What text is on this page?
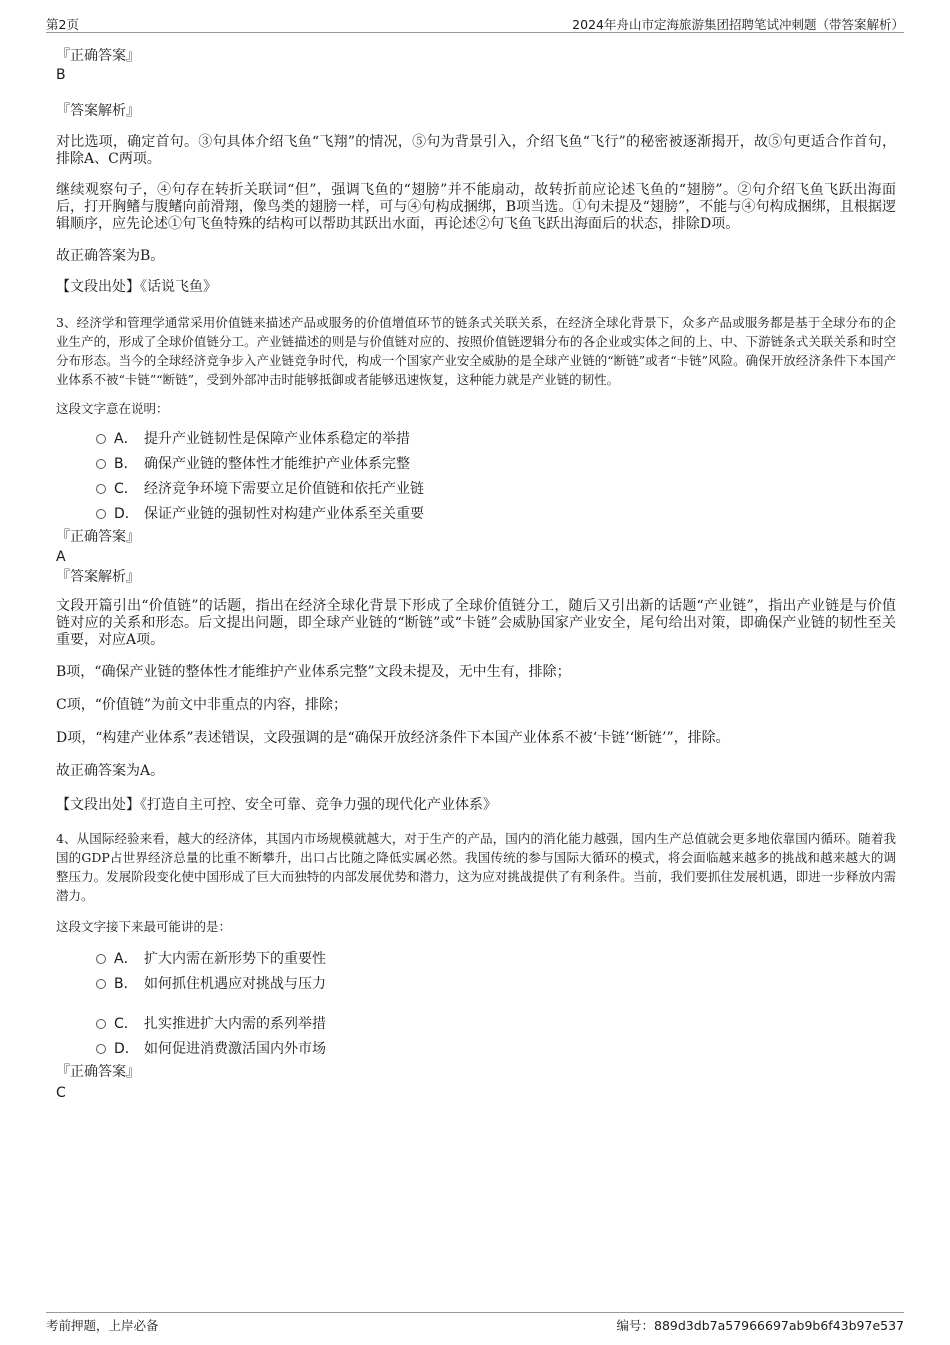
第2页	2024年舟山市定海旅游集团招聘笔试冲刺题（带答案解析）
『正确答案』
B
『答案解析』
对比选项，确定首句。③句具体介绍飞鱼“飞翔”的情况，⑤句为背景引入，介绍飞鱼“飞行”的秘密被逐渐揭开，故⑤句更适合作首句，排除A、C两项。
继续观察句子，④句存在转折关联词“但”，强调飞鱼的“翅膀”并不能扇动，故转折前应论述飞鱼的“翅膀”。②句介绍飞鱼飞跃出海面后，打开胸鳍与腹鳍向前滑翔，像鸟类的翅膀一样，可与④句构成捆绑，B项当选。①句未提及“翅膀”，不能与④句构成捆绑，且根据逻辑顺序，应先论述①句飞鱼特殊的结构可以帮助其跃出水面，再论述②句飞鱼飞跃出海面后的状态，排除D项。
故正确答案为B。
【文段出处】《话说飞鱼》
3、经济学和管理学通常采用价值链来描述产品或服务的价值增值环节的链条式关联关系，在经济全球化背景下，众多产品或服务都是基于全球分布的企业生产的，形成了全球价值链分工。产业链描述的则是与价值链对应的、按照价值链逻辑分布的各企业或实体之间的上、中、下游链条式关联关系和时空分布形态。当今的全球经济竞争步入产业链竞争时代，构成一个国家产业安全威胁的是全球产业链的“断链”或者“卡链”风险。确保开放经济条件下本国产业体系不被“卡链”“断链”，受到外部冲击时能够抵御或者能够迅速恢复，这种能力就是产业链的韧性。
这段文字意在说明：
A． 提升产业链韧性是保障产业体系稳定的举措
B． 确保产业链的整体性才能维护产业体系完整
C． 经济竞争环境下需要立足价值链和依托产业链
D． 保证产业链的强韧性对构建产业体系至关重要
『正确答案』
A
『答案解析』
文段开篇引出“价值链”的话题，指出在经济全球化背景下形成了全球价值链分工，随后又引出新的话题“产业链”，指出产业链是与价值链对应的关系和形态。后文提出问题，即全球产业链的“断链”或“卡链”会威胁国家产业安全，尾句给出对策，即确保产业链的韧性至关重要，对应A项。
B项，“确保产业链的整体性才能维护产业体系完整”文段未提及，无中生有，排除；
C项，“价值链”为前文中非重点的内容，排除；
D项，“构建产业体系”表述错误，文段强调的是“确保开放经济条件下本国产业体系不被‘卡链’‘断链’”，排除。
故正确答案为A。
【文段出处】《打造自主可控、安全可靠、竞争力强的现代化产业体系》
4、从国际经验来看，越大的经济体，其国内市场规模就越大，对于生产的产品，国内的消化能力越强，国内生产总值就会更多地依靠国内循环。随着我国的GDP占世界经济总量的比重不断攀升，出口占比随之降低实属必然。我国传统的参与国际大循环的模式，将会面临越来越多的挑战和越来越大的调整压力。发展阶段变化使中国形成了巨大而独特的内部发展优势和潜力，这为应对挑战提供了有利条件。当前，我们要抓住发展机遇，即进一步释放内需潜力。
这段文字接下来最可能讲的是：
A． 扩大内需在新形势下的重要性
B． 如何抓住机遇应对挑战与压力
C． 扎实推进扩大内需的系列举措
D． 如何促进消费激活国内外市场
『正确答案』
C
考前押题，上岸必备	编号：889d3db7a57966697ab9b6f43b97e537
